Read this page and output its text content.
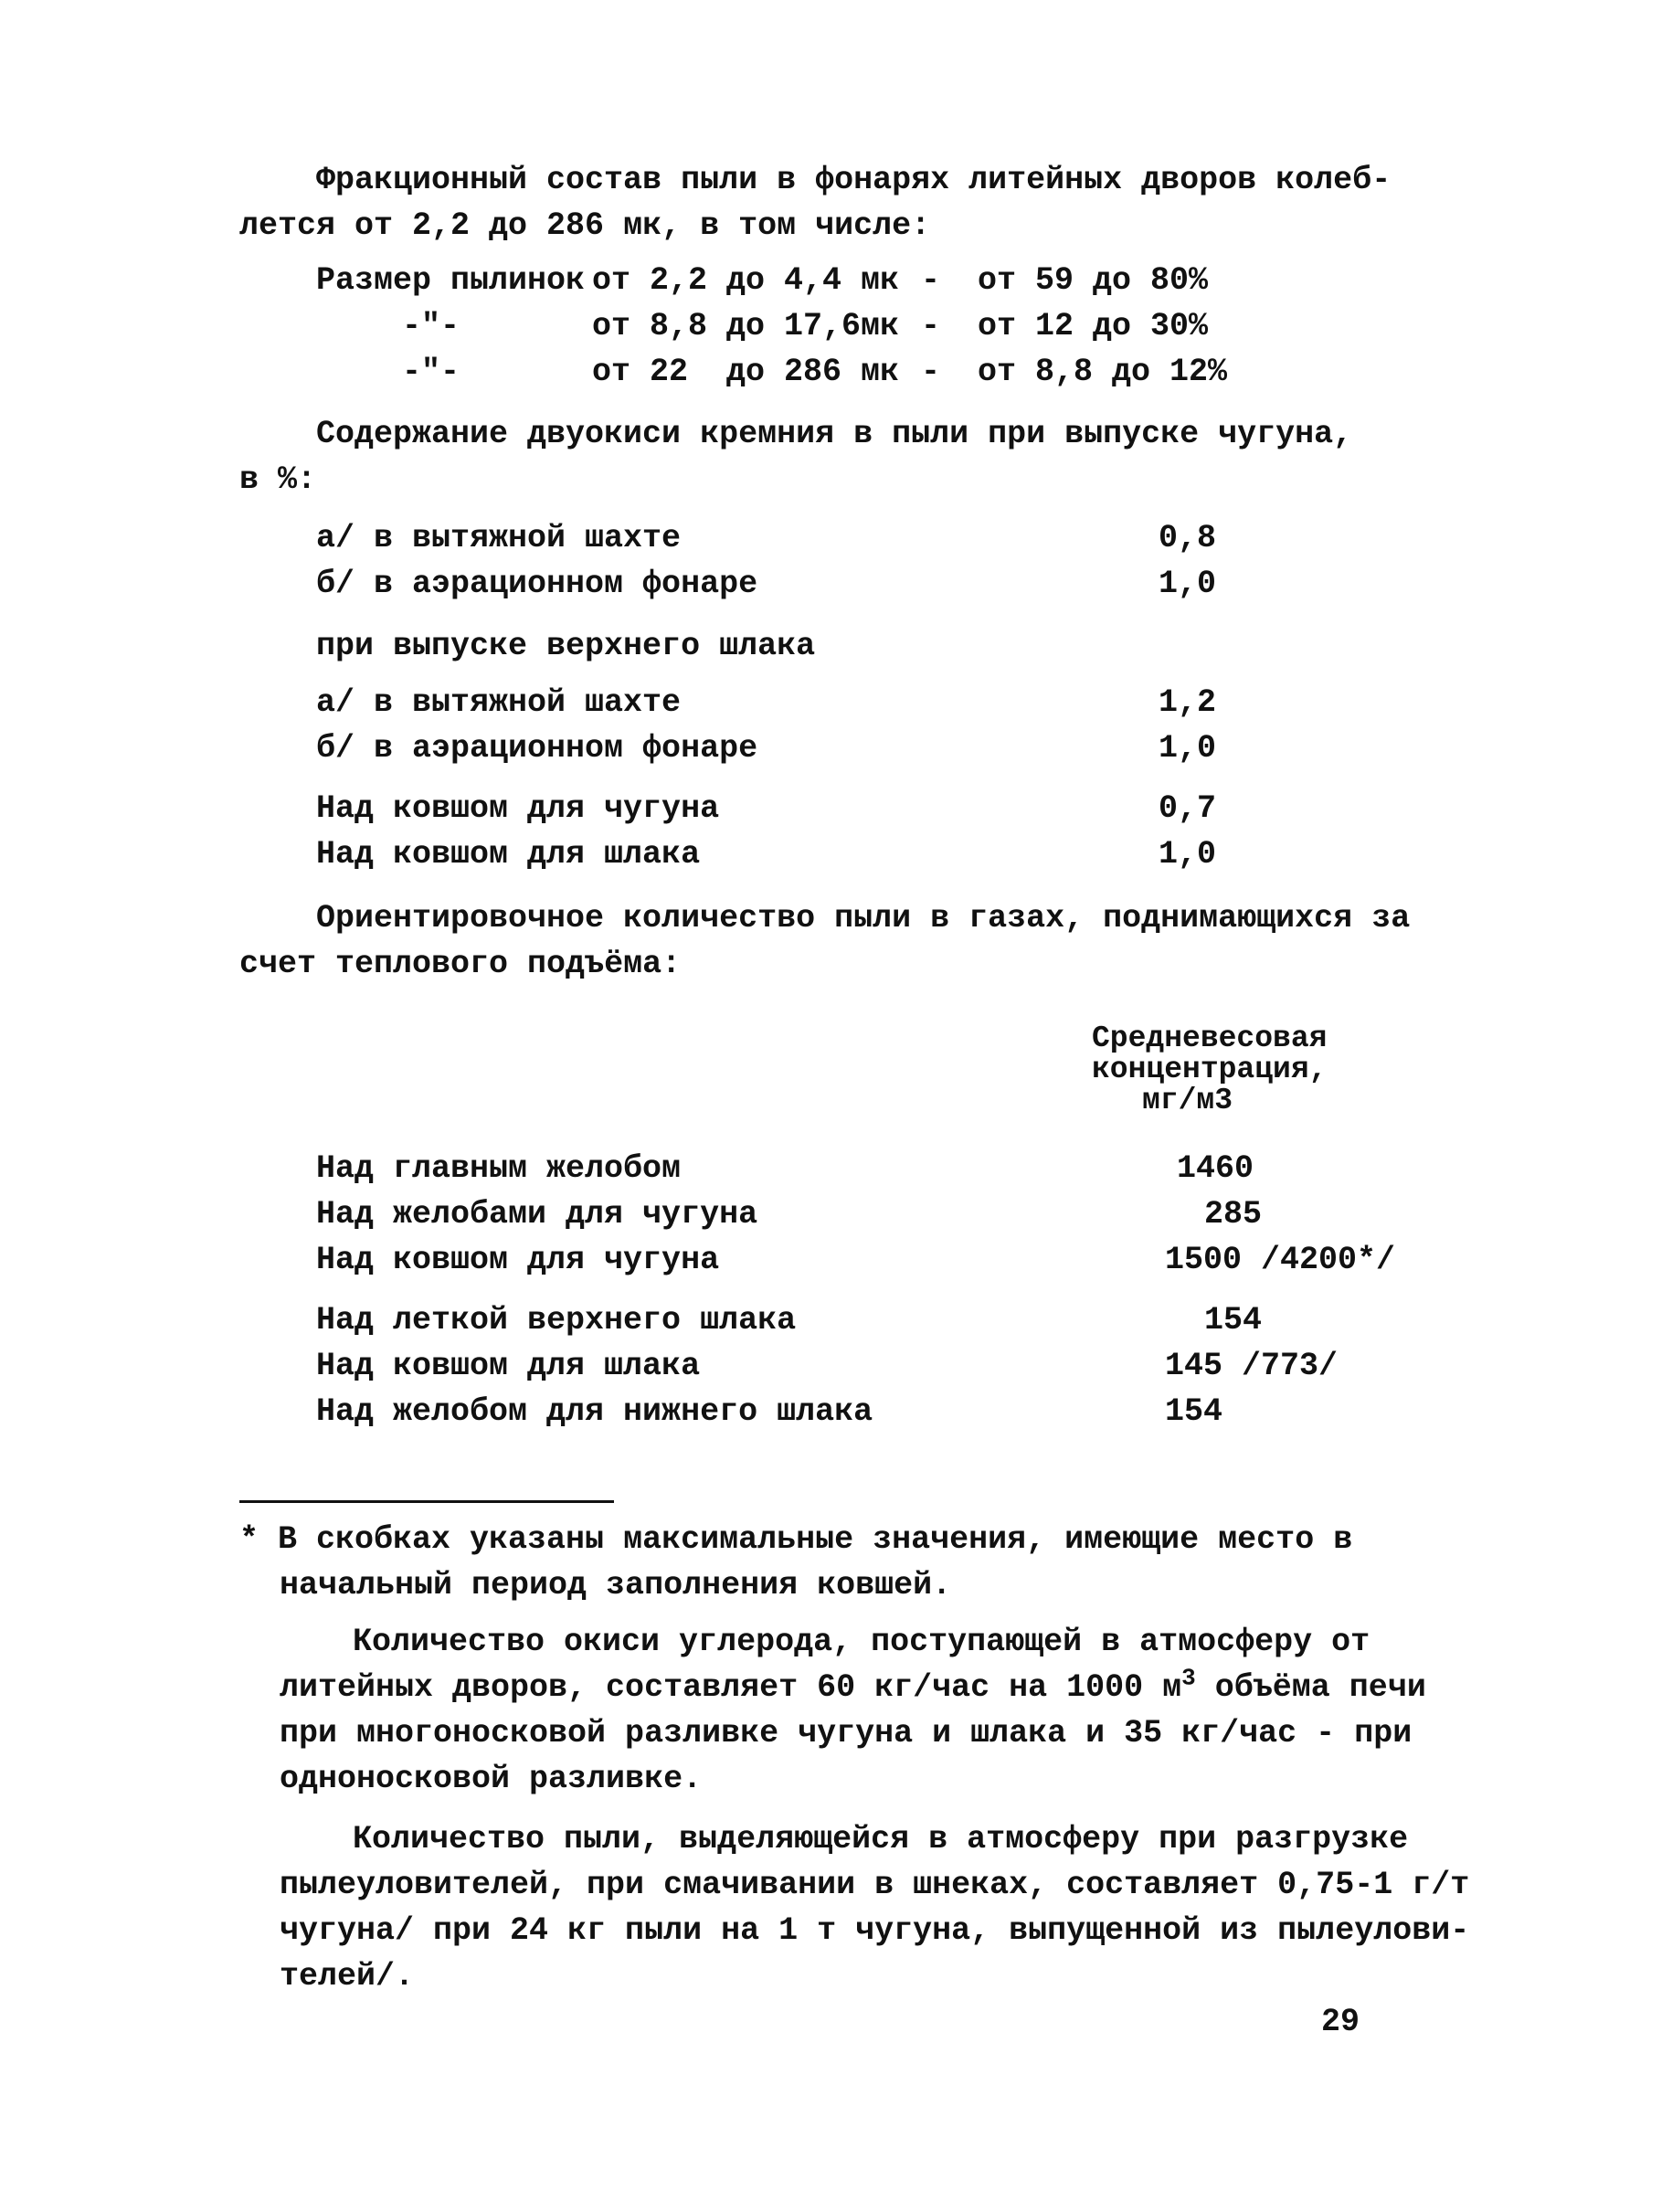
Фракционный состав пыли в фонарях литейных дворов колеб-
лется от 2,2 до 286 мк, в том числе:
Размер пылинок от 2,2 до 4,4 мк - от 59 до 80%
-"-	от 8,8 до 17,6мк - от 12 до 30%
-"-	от 22  до 286 мк - от 8,8 до 12%
Содержание двуокиси кремния в пыли при выпуске чугуна,
в %:
а/ в вытяжной шахте	0,8
б/ в аэрационном фонаре	1,0
при выпуске верхнего шлака
а/ в вытяжной шахте	1,2
б/ в аэрационном фонаре	1,0
Над ковшом для чугуна	0,7
Над ковшом для шлака	1,0
Ориентировочное количество пыли в газах, поднимающихся за
счет теплового подъёма:
Средневесовая
концентрация,
мг/м3
Над главным желобом	1460
Над желобами для чугуна	285
Над ковшом для чугуна	1500 /4200*/
Над леткой верхнего шлака	154
Над ковшом для шлака	145 /773/
Над желобом для нижнего шлака	154
* В скобках указаны максимальные значения, имеющие место в
начальный период заполнения ковшей.
Количество окиси углерода, поступающей в атмосферу от
литейных дворов, составляет 60 кг/час на 1000 $м^3$ объёма печи
при многоносковой разливке чугуна и шлака и 35 кг/час - при
одноносковой разливке.
Количество пыли, выделяющейся в атмосферу при разгрузке
пылеуловителей, при смачивании в шнеках, составляет 0,75-1 г/т
чугуна/ при 24 кг пыли на 1 т чугуна, выпущенной из пылеулови-
телей/.
29
